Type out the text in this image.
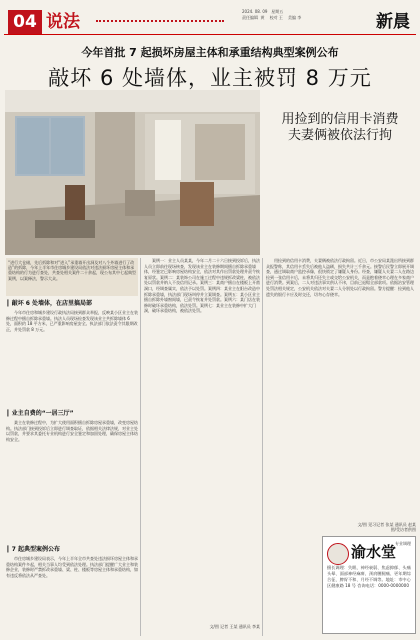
04 说法
2024. 08. 09   星期五
责任编辑  黄    校对 王    美编 李	新晨
今年首批 7 起损坏房屋主体和承重结构典型案例公布
敲坏 6 处墙体，业主被罚 8 万元
用捡到的信用卡消费
夫妻俩被依法行拘
“进行大仓储，先后拆除和对“进入”承重墙开出洞及对八个外墙进行了改造”的拆除，今年上半年市住房城乡建设局依法对违法损坏房屋主体和承重结构的行为进行查处，共查处相关案件二十余起，现公布其中七起典型案例，以案释法，警示大众。
┃ 敲坏 6 处墙体，在店里搞局部

今年市住房和城乡建设行政执法局接到群众举报，反映某小区业主在装修过程中擅自拆除承重墙。执法人员现场检查发现该业主共拆除墙体 6 处，面积约 18 平方米，已严重影响房屋安全。执法部门依法责令其限期改正，并处罚款 8 万元。

┃ 业主自费的“一居三厅”

業主在装修过程中，为扩大使用面积擅自拆除房屋承重墙，改变房屋结构。执法部门接到投诉后立即进行调查取证，依据相关法律法规，对业主处以罚款，并要求其委托专业机构进行安全鉴定和加固处理，确保房屋主体结构安全。

┃ 7 起典型案例公布

市住房城乡建设局表示，今年上半年全市共查处违法损坏房屋主体和承重结构案件多起，相关当事人均受到依法处理。执法部门提醒广大业主和装修企业，装修时严禁拆改承重墙、梁、柱、楼板等房屋主体和承重结构，如有违反将依法从严查处。

案例一：业主人员某某，今年二月二十六日接到投诉后，执法人员立即前往现场核查，发现该业主在装修期间擅自拆除承重墙体，经鉴定已影响房屋结构安全，依法对其作出罚款处理并责令恢复原状。案例二：某装饰公司在施工过程中违规拆改梁柱，被依法处以罚款并纳入不良信用记录。案例三：某商户擅自在楼板上开凿洞口，经调查属实，依法予以处罚。案例四：某业主在阳台改造中拆除承重墙，执法部门现场叫停并立案调查。案例五：某小区业主擅自拆除外墙窗间墙，已责令恢复并处罚款。案例六：某门店在装修时破坏承重结构，依法处罚。案例七：某业主在装修中扩大门洞，破坏承重结构，被依法处罚。

文/图 记者 王某 通讯员 李某

用捡到的信用卡消费，夫妻俩被依法行政拘留。近日，市公安局某派出所接到群众报警称，其信用卡丢失后被他人盗刷，损失共计三千余元。接警后民警立即展开调查，通过调取商户监控录像，很快锁定了嫌疑人身份。经查，嫌疑人夫妻二人在路边捡到一张信用卡后，未将其归还失主或交给公安机关，而是抱着侥幸心理在多家商户进行消费。到案后，二人对违法事实供认不讳，目前已退赔全部款项。依据治安管理处罚法相关规定，公安机关依法对夫妻二人分别处以行政拘留。警方提醒：捡到他人遗失的银行卡应及时交还，切勿心存侥幸。

文/图 见习记者 张某 通讯员 赵某
图/受访者供图
渝水堂
专业调理
擅长调理：失眠、神经衰弱、焦虑抑郁、头痛头晕、面部神经麻痹、颈肩腰腿痛、更年期综合征、脾胃不和、月经不调等。地址：市中心区健康路 18 号 咨询电话：0000-0000000
